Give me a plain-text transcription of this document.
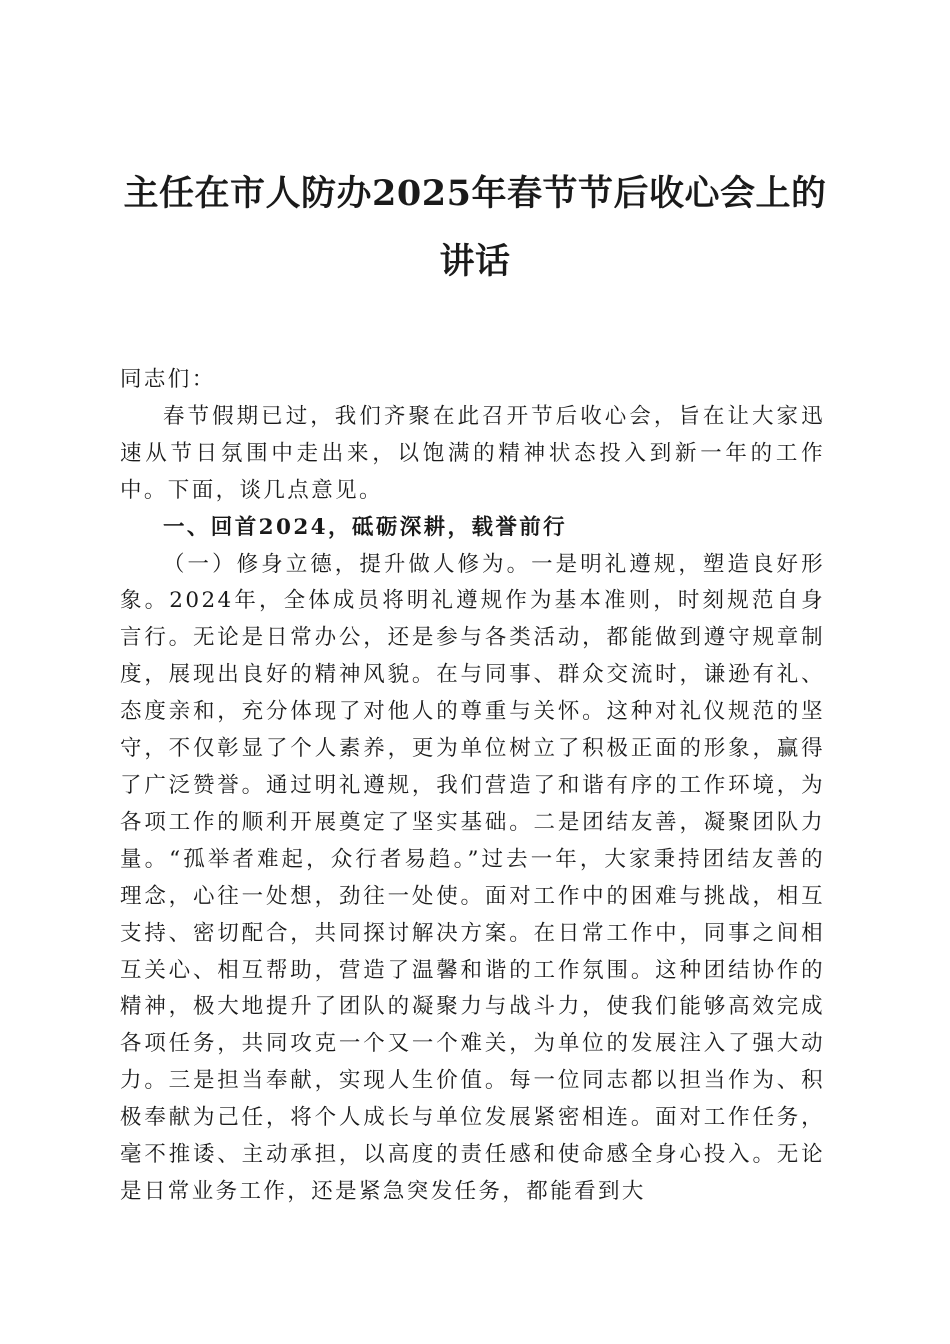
主任在市人防办2025年春节节后收心会上的
讲话

同志们：

春节假期已过，我们齐聚在此召开节后收心会，旨在让大家迅速从节日氛围中走出来，以饱满的精神状态投入到新一年的工作中。下面，谈几点意见。

一、回首2024，砥砺深耕，载誉前行

（一）修身立德，提升做人修为。一是明礼遵规，塑造良好形象。2024年，全体成员将明礼遵规作为基本准则，时刻规范自身言行。无论是日常办公，还是参与各类活动，都能做到遵守规章制度，展现出良好的精神风貌。在与同事、群众交流时，谦逊有礼、态度亲和，充分体现了对他人的尊重与关怀。这种对礼仪规范的坚守，不仅彰显了个人素养，更为单位树立了积极正面的形象，赢得了广泛赞誉。通过明礼遵规，我们营造了和谐有序的工作环境，为各项工作的顺利开展奠定了坚实基础。二是团结友善，凝聚团队力量。“孤举者难起，众行者易趋。”过去一年，大家秉持团结友善的理念，心往一处想，劲往一处使。面对工作中的困难与挑战，相互支持、密切配合，共同探讨解决方案。在日常工作中，同事之间相互关心、相互帮助，营造了温馨和谐的工作氛围。这种团结协作的精神，极大地提升了团队的凝聚力与战斗力，使我们能够高效完成各项任务，共同攻克一个又一个难关，为单位的发展注入了强大动力。三是担当奉献，实现人生价值。每一位同志都以担当作为、积极奉献为己任，将个人成长与单位发展紧密相连。面对工作任务，毫不推诿、主动承担，以高度的责任感和使命感全身心投入。无论是日常业务工作，还是紧急突发任务，都能看到大
